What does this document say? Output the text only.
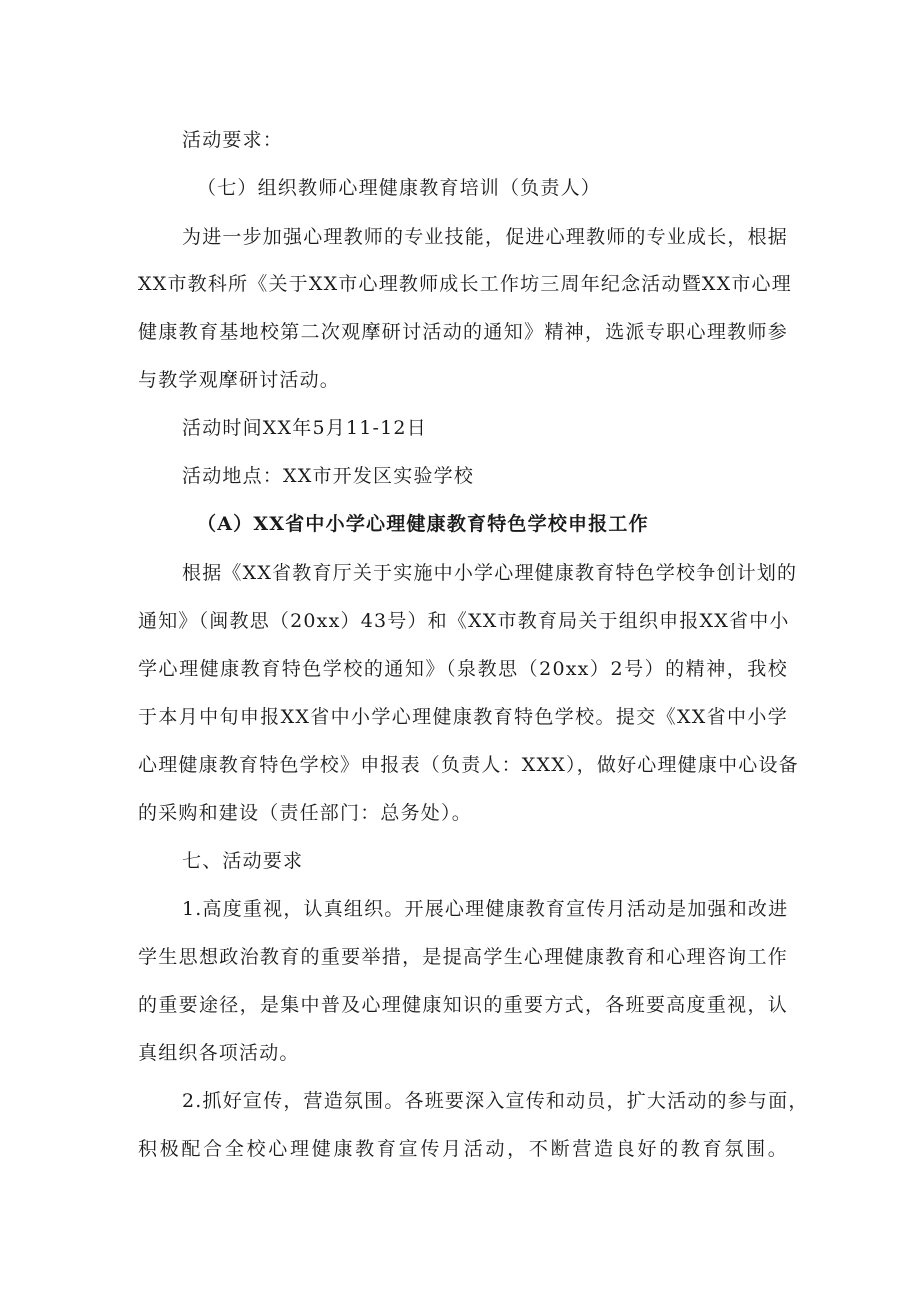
活动要求：
（七）组织教师心理健康教育培训（负责人）
为进一步加强心理教师的专业技能，促进心理教师的专业成长，根据
XX市教科所《关于XX市心理教师成长工作坊三周年纪念活动暨XX市心理
健康教育基地校第二次观摩研讨活动的通知》精神，选派专职心理教师参
与教学观摩研讨活动。
活动时间XX年5月11-12日
活动地点：XX市开发区实验学校
（A）XX省中小学心理健康教育特色学校申报工作
根据《XX省教育厅关于实施中小学心理健康教育特色学校争创计划的
通知》（闽教思（20xx）43号）和《XX市教育局关于组织申报XX省中小
学心理健康教育特色学校的通知》（泉教思（20xx）2号）的精神，我校
于本月中旬申报XX省中小学心理健康教育特色学校。提交《XX省中小学
心理健康教育特色学校》申报表（负责人：XXX），做好心理健康中心设备
的采购和建设（责任部门：总务处）。
七、活动要求
1.高度重视，认真组织。开展心理健康教育宣传月活动是加强和改进
学生思想政治教育的重要举措，是提高学生心理健康教育和心理咨询工作
的重要途径，是集中普及心理健康知识的重要方式，各班要高度重视，认
真组织各项活动。
2.抓好宣传，营造氛围。各班要深入宣传和动员，扩大活动的参与面，
积极配合全校心理健康教育宣传月活动，不断营造良好的教育氛围。
